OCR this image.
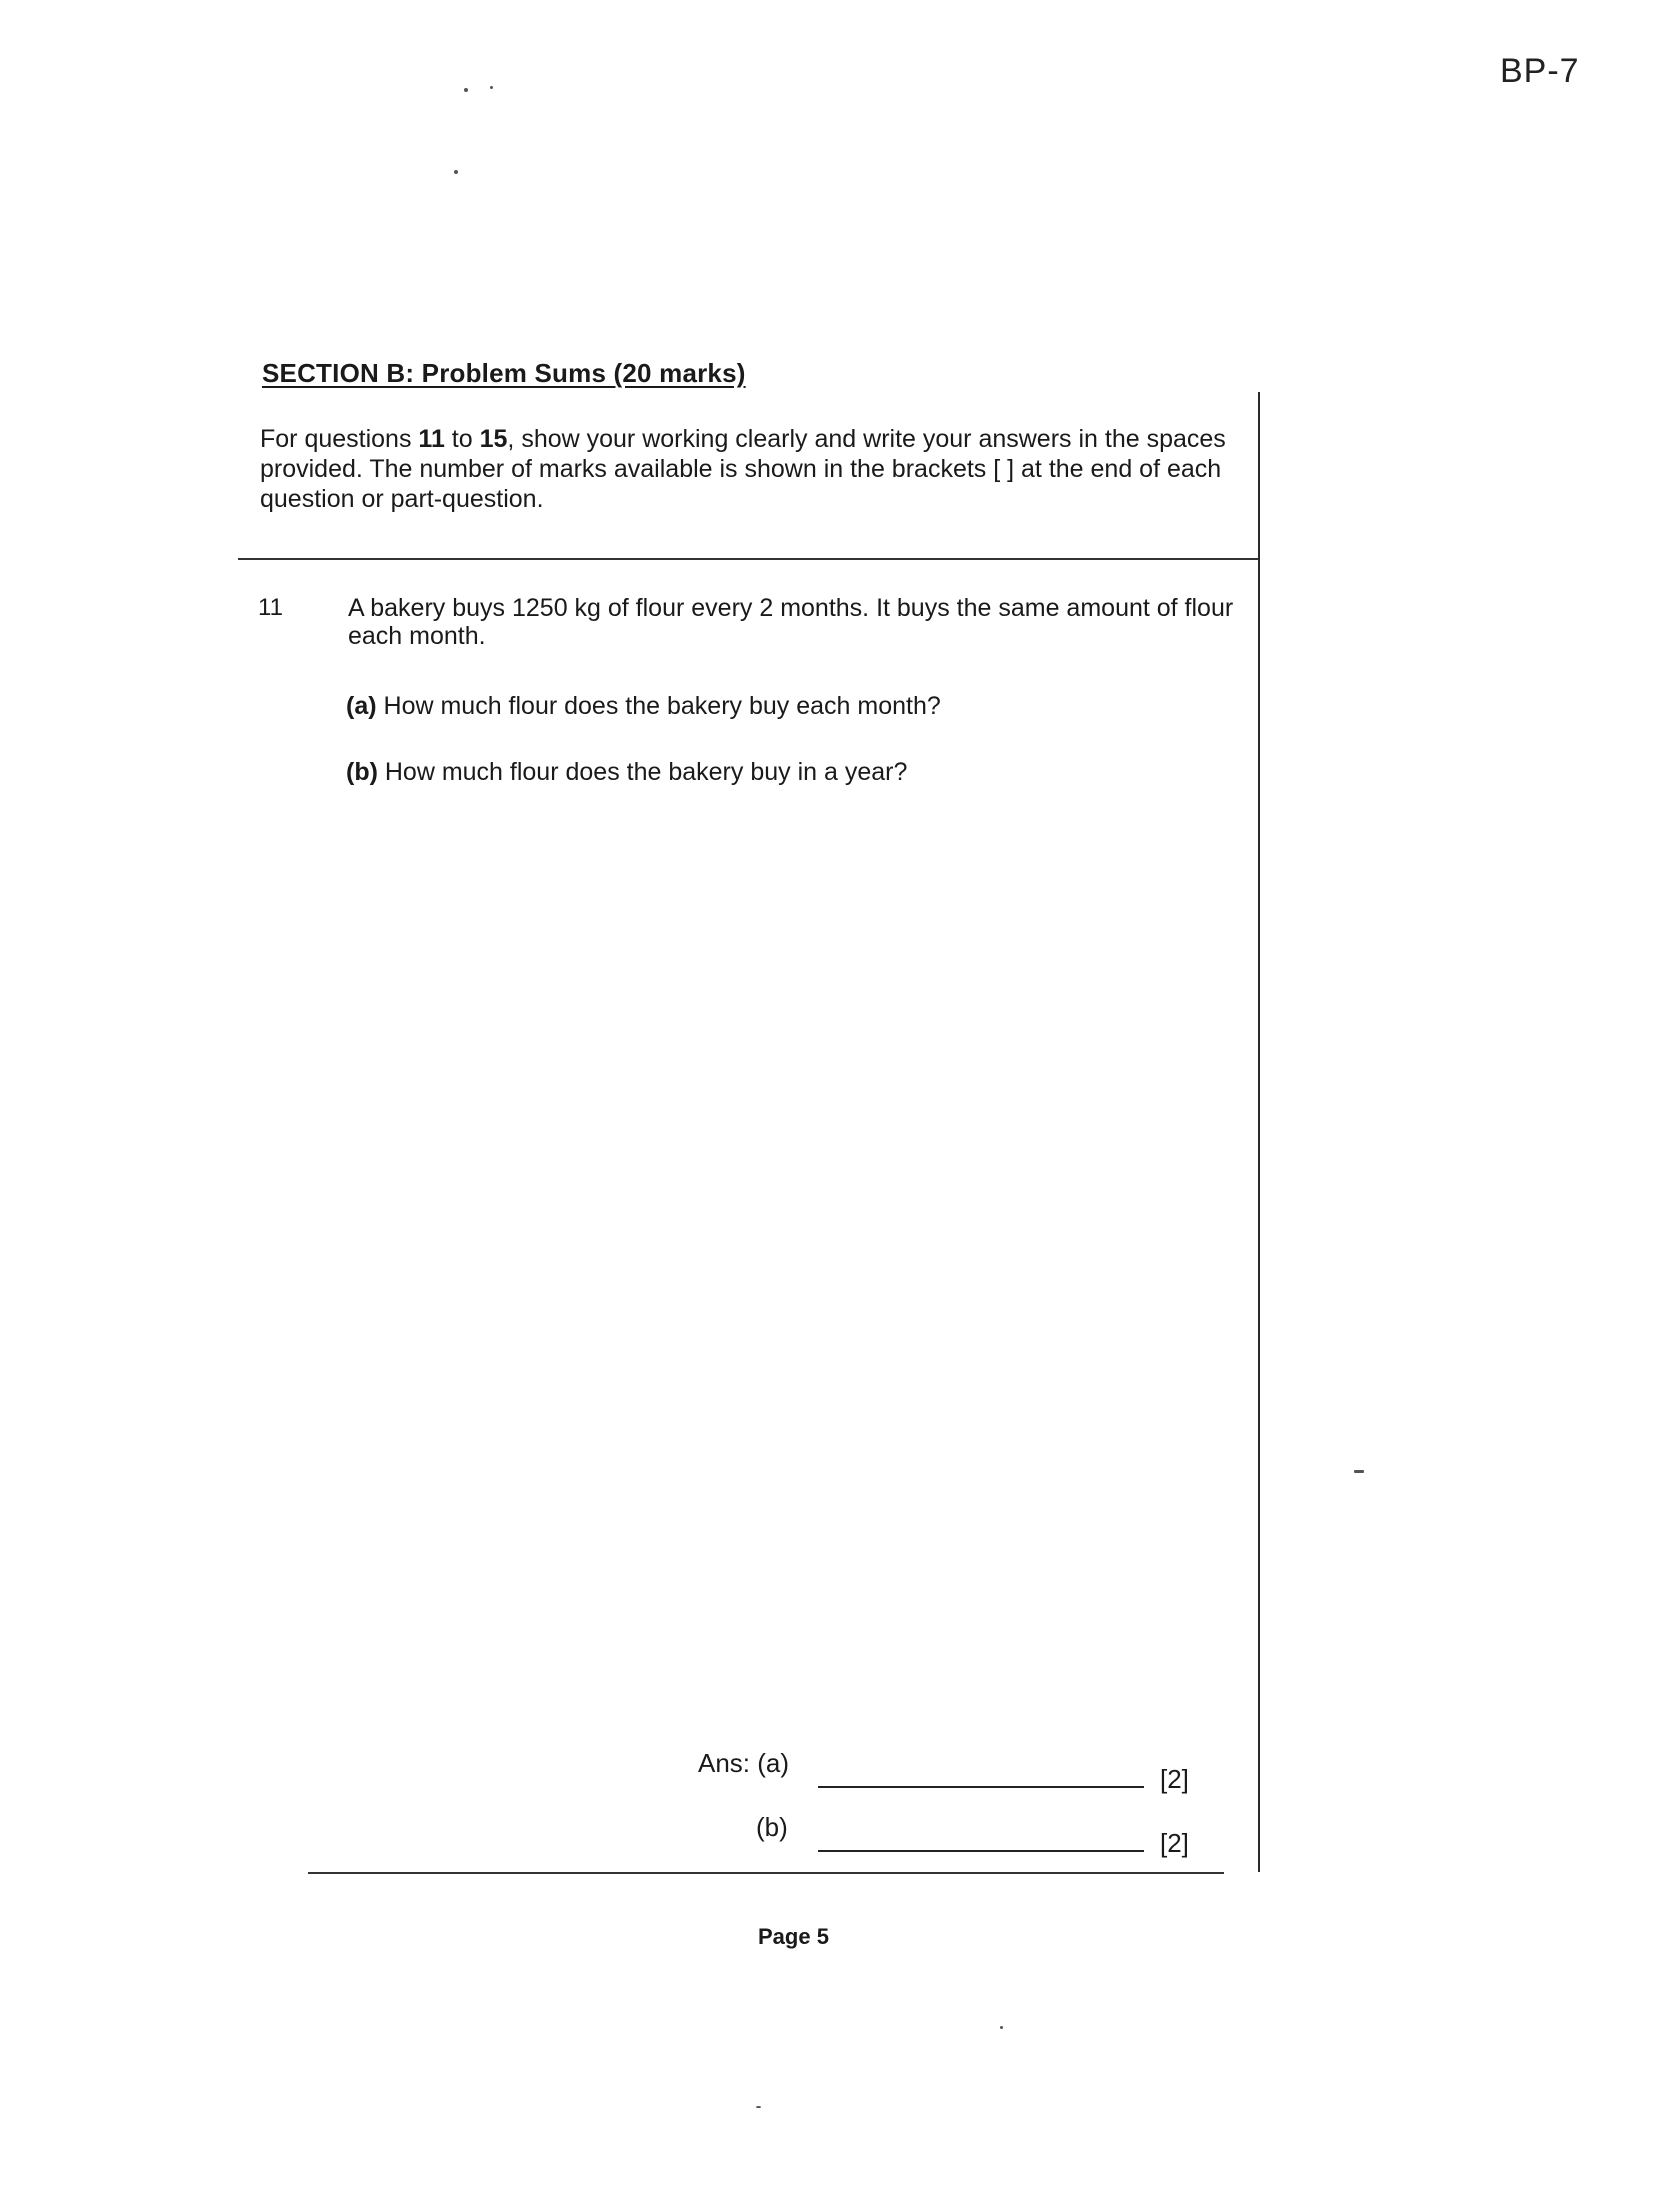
BP-7
SECTION B: Problem Sums (20 marks)
For questions 11 to 15, show your working clearly and write your answers in the spaces provided. The number of marks available is shown in the brackets [ ] at the end of each question or part-question.
11	A bakery buys 1250 kg of flour every 2 months. It buys the same amount of flour each month.
(a) How much flour does the bakery buy each month?
(b) How much flour does the bakery buy in a year?
Ans: (a)
[2]
(b)
[2]
Page 5
